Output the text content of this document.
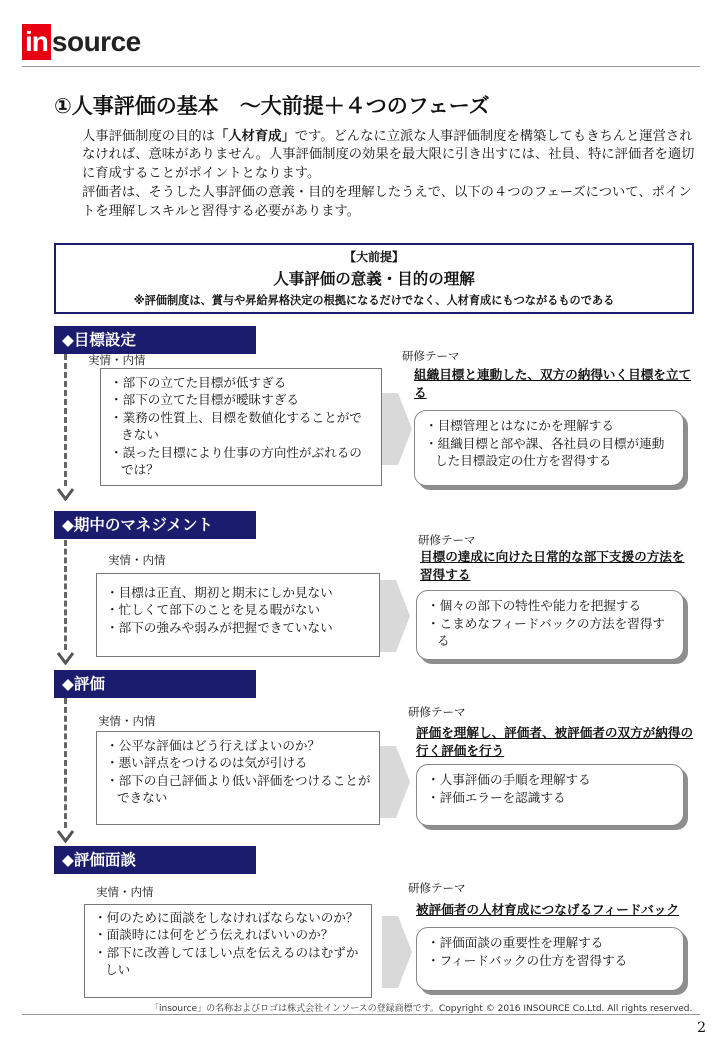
in source
①人事評価の基本　～大前提＋４つのフェーズ

人事評価制度の目的は「人材育成」です。どんなに立派な人事評価制度を構築してもきちんと運営されなければ、意味がありません。人事評価制度の効果を最大限に引き出すには、社員、特に評価者を適切に育成することがポイントとなります。

評価者は、そうした人事評価の意義・目的を理解したうえで、以下の４つのフェーズについて、ポイントを理解しスキルと習得する必要があります。

【大前提】
人事評価の意義・目的の理解
※評価制度は、賞与や昇給昇格決定の根拠になるだけでなく、人材育成にもつながるものである
◆目標設定
実情・内情
・部下の立てた目標が低すぎる
・部下の立てた目標が曖昧すぎる
・業務の性質上、目標を数値化することができない
・誤った目標により仕事の方向性がぶれるのでは？
研修テーマ
組織目標と連動した、双方の納得いく目標を立てる
・目標管理とはなにかを理解する
・組織目標と部や課、各社員の目標が連動した目標設定の仕方を習得する
◆期中のマネジメント
実情・内情
・目標は正直、期初と期末にしか見ない
・忙しくて部下のことを見る暇がない
・部下の強みや弱みが把握できていない
研修テーマ
目標の達成に向けた日常的な部下支援の方法を習得する
・個々の部下の特性や能力を把握する
・こまめなフィードバックの方法を習得する
◆評価
実情・内情
・公平な評価はどう行えばよいのか？
・悪い評点をつけるのは気が引ける
・部下の自己評価より低い評価をつけることができない
研修テーマ
評価を理解し、評価者、被評価者の双方が納得の行く評価を行う
・人事評価の手順を理解する
・評価エラーを認識する
◆評価面談
実情・内情
・何のために面談をしなければならないのか？
・面談時には何をどう伝えればいいのか？
・部下に改善してほしい点を伝えるのはむずかしい
研修テーマ
被評価者の人材育成につなげるフィードバック
・評価面談の重要性を理解する
・フィードバックの仕方を習得する
「insource」の名称およびロゴは株式会社インソースの登録商標です。Copyright © 2016 INSOURCE Co.Ltd. All rights reserved.
2
